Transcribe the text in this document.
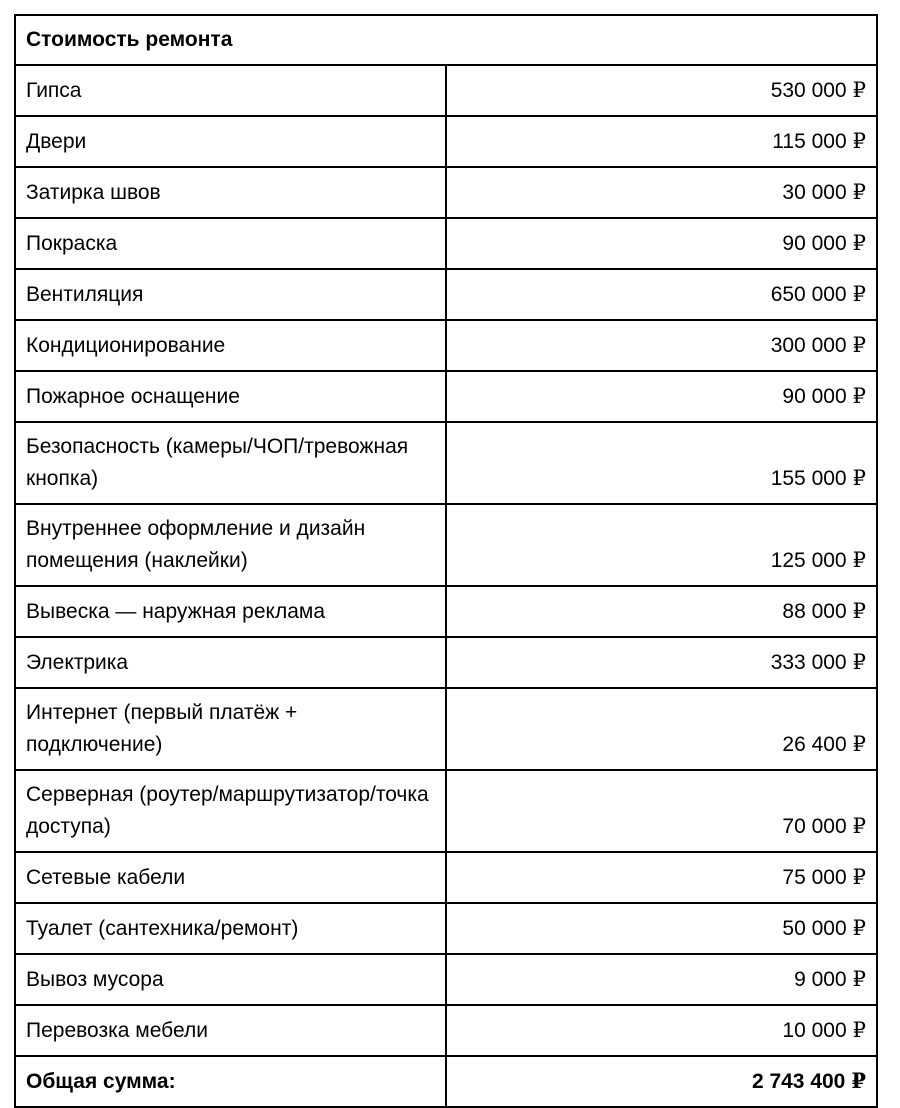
Стоимость ремонта	
Гипса	530 000 ₽
Двери	115 000 ₽
Затирка швов	30 000 ₽
Покраска	90 000 ₽
Вентиляция	650 000 ₽
Кондиционирование	300 000 ₽
Пожарное оснащение	90 000 ₽
Безопасность (камеры/ЧОП/тревожная кнопка)	155 000 ₽
Внутреннее оформление и дизайн помещения (наклейки)	125 000 ₽
Вывеска — наружная реклама	88 000 ₽
Электрика	333 000 ₽
Интернет (первый платёж + подключение)	26 400 ₽
Серверная (роутер/маршрутизатор/точка доступа)	70 000 ₽
Сетевые кабели	75 000 ₽
Туалет (сантехника/ремонт)	50 000 ₽
Вывоз мусора	9 000 ₽
Перевозка мебели	10 000 ₽
Общая сумма:	2 743 400 ₽
